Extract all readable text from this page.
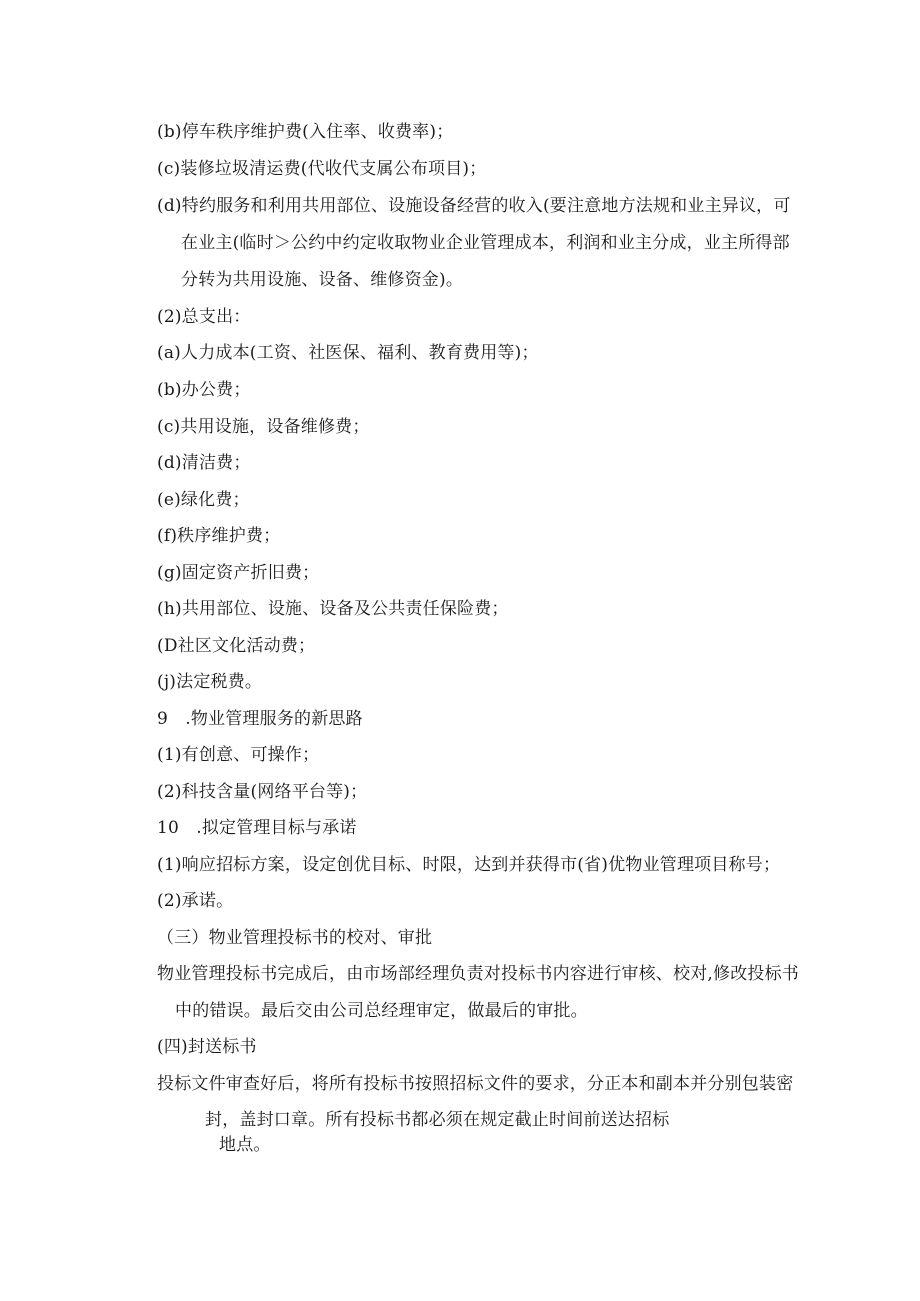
(b)停车秩序维护费(入住率、收费率)；
(c)装修垃圾清运费(代收代支属公布项目)；
(d)特约服务和利用共用部位、设施设备经营的收入(要注意地方法规和业主异议，可
在业主(临时＞公约中约定收取物业企业管理成本，利润和业主分成，业主所得部
分转为共用设施、设备、维修资金)。
(2)总支出：
(a)人力成本(工资、社医保、福利、教育费用等)；
(b)办公费；
(c)共用设施，设备维修费；
(d)清洁费；
(e)绿化费；
(f)秩序维护费；
(g)固定资产折旧费；
(h)共用部位、设施、设备及公共责任保险费；
(D社区文化活动费；
(j)法定税费。
9　.物业管理服务的新思路
(1)有创意、可操作；
(2)科技含量(网络平台等)；
10　.拟定管理目标与承诺
(1)响应招标方案，设定创优目标、时限，达到并获得市(省)优物业管理项目称号；
(2)承诺。
（三）物业管理投标书的校对、审批
物业管理投标书完成后，由市场部经理负责对投标书内容进行审核、校对,修改投标书
中的错误。最后交由公司总经理审定，做最后的审批。
(四)封送标书
投标文件审查好后，将所有投标书按照招标文件的要求，分正本和副本并分别包装密
封，盖封口章。所有投标书都必须在规定截止时间前送达招标
地点。
